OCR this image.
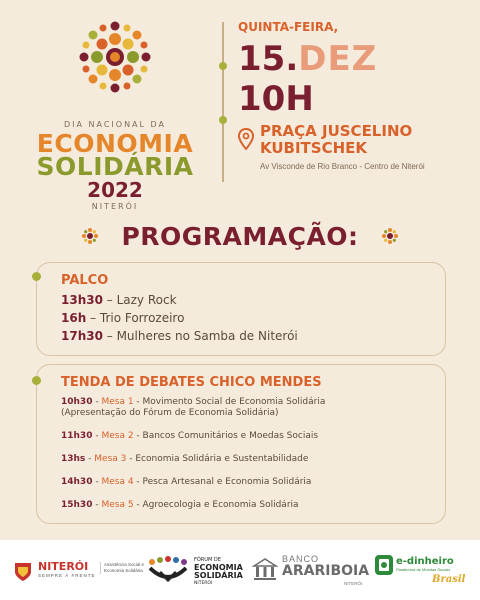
DIA NACIONAL DA
ECONOMIA
SOLIDÁRIA
2022
NITERÓI
QUINTA-FEIRA,
15.DEZ
10H
PRAÇA JUSCELINO
KUBITSCHEK
Av Visconde de Rio Branco - Centro de Niterói
PROGRAMAÇÃO:
PALCO
13h30 – Lazy Rock
16h – Trio Forrozeiro
17h30 – Mulheres no Samba de Niterói
TENDA DE DEBATES CHICO MENDES
10h30 - Mesa 1 - Movimento Social de Economia Solidária
(Apresentação do Fórum de Economia Solidária)
11h30 - Mesa 2 - Bancos Comunitários e Moedas Sociais
13hs - Mesa 3 - Economia Solidária e Sustentabilidade
14h30 - Mesa 4 - Pesca Artesanal e Economia Solidária
15h30 - Mesa 5 - Agroecologia e Economia Solidária
NITERÓI
SEMPRE À FRENTE
Assistência Social e Economia Solidária
FÓRUM DE
ECONOMIA
SOLIDÁRIA
NITERÓI
BANCO
ARARIBOIA
NITERÓI
e-dinheiro
Plataforma de Moedas Sociais
Brasil
